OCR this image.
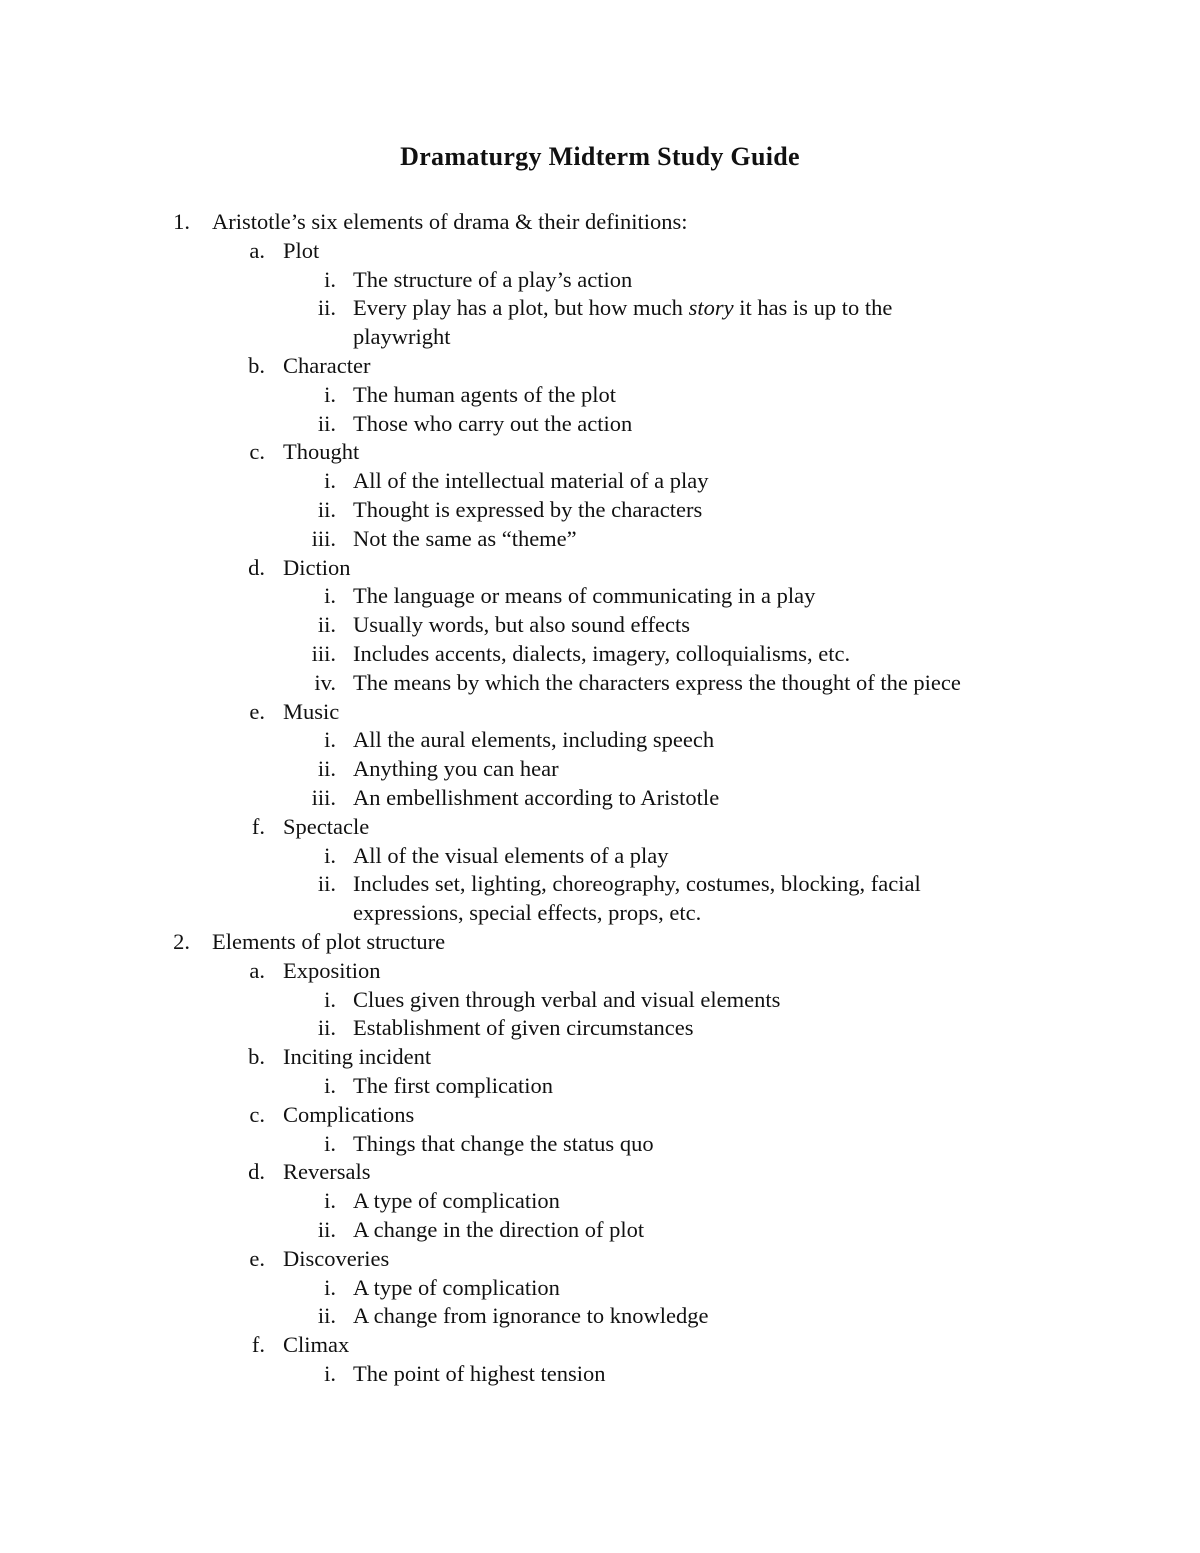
Dramaturgy Midterm Study Guide
1. Aristotle’s six elements of drama & their definitions:
a. Plot
i. The structure of a play’s action
ii. Every play has a plot, but how much story it has is up to the
playwright
b. Character
i. The human agents of the plot
ii. Those who carry out the action
c. Thought
i. All of the intellectual material of a play
ii. Thought is expressed by the characters
iii. Not the same as “theme”
d. Diction
i. The language or means of communicating in a play
ii. Usually words, but also sound effects
iii. Includes accents, dialects, imagery, colloquialisms, etc.
iv. The means by which the characters express the thought of the piece
e. Music
i. All the aural elements, including speech
ii. Anything you can hear
iii. An embellishment according to Aristotle
f. Spectacle
i. All of the visual elements of a play
ii. Includes set, lighting, choreography, costumes, blocking, facial
expressions, special effects, props, etc.
2. Elements of plot structure
a. Exposition
i. Clues given through verbal and visual elements
ii. Establishment of given circumstances
b. Inciting incident
i. The first complication
c. Complications
i. Things that change the status quo
d. Reversals
i. A type of complication
ii. A change in the direction of plot
e. Discoveries
i. A type of complication
ii. A change from ignorance to knowledge
f. Climax
i. The point of highest tension
